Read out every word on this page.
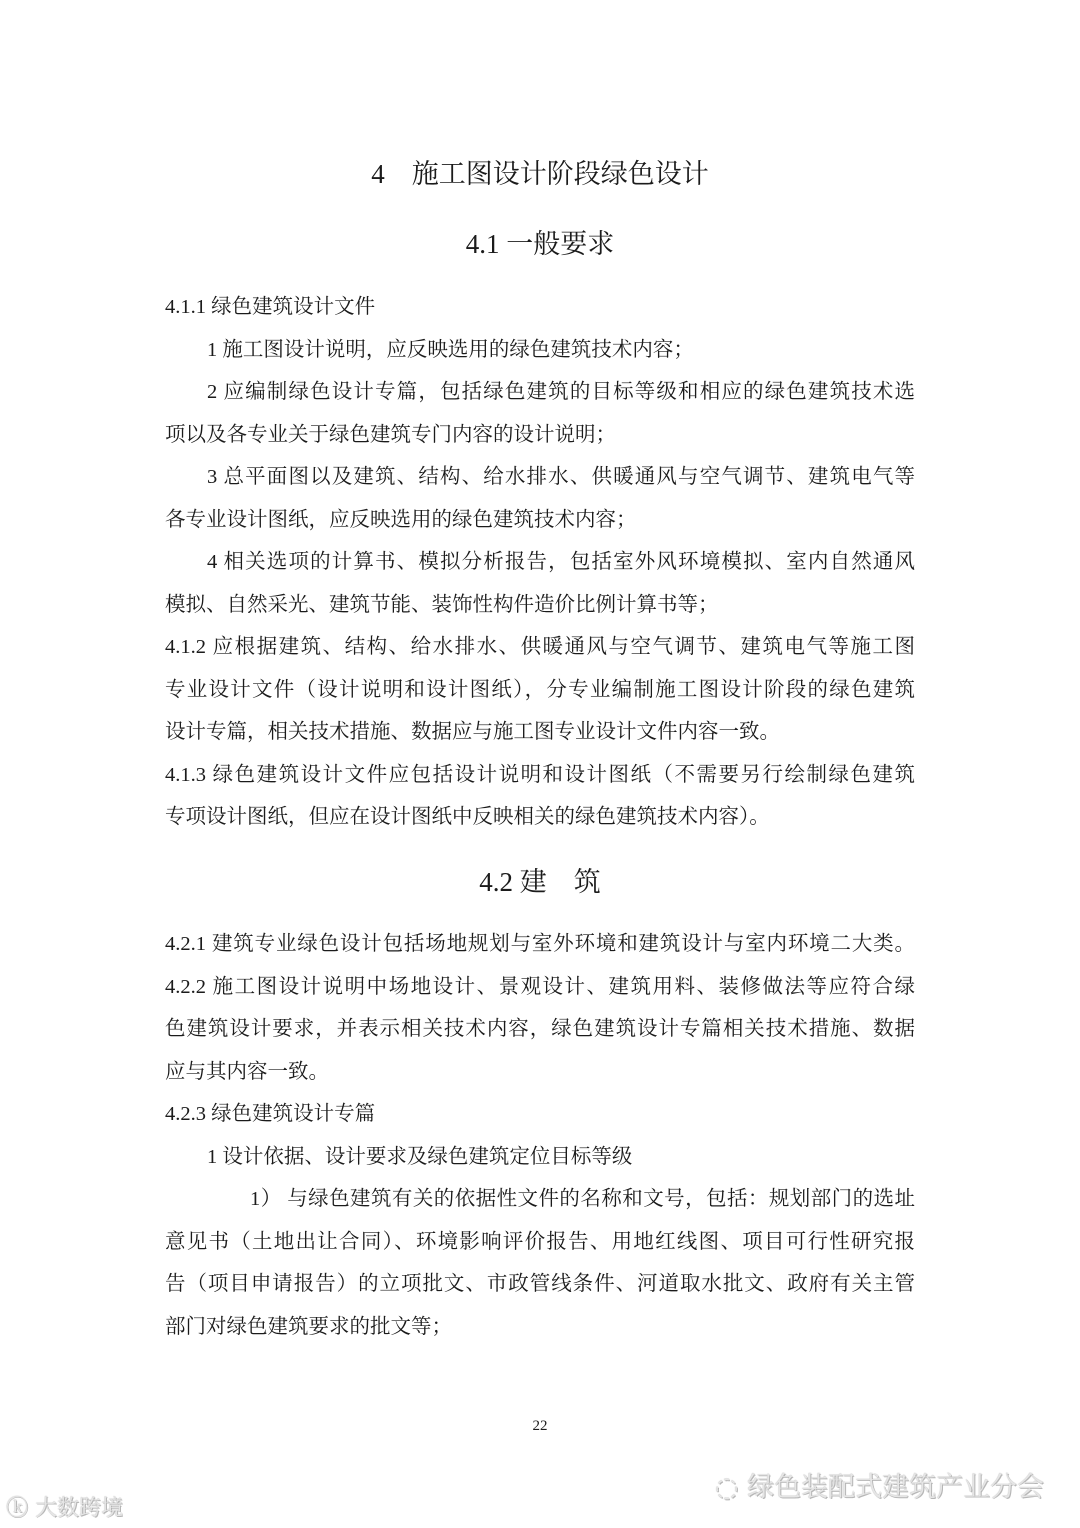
4　施工图设计阶段绿色设计
4.1 一般要求
4.1.1 绿色建筑设计文件
1 施工图设计说明，应反映选用的绿色建筑技术内容；
2 应编制绿色设计专篇，包括绿色建筑的目标等级和相应的绿色建筑技术选
项以及各专业关于绿色建筑专门内容的设计说明；
3 总平面图以及建筑、结构、给水排水、供暖通风与空气调节、建筑电气等
各专业设计图纸，应反映选用的绿色建筑技术内容；
4 相关选项的计算书、模拟分析报告，包括室外风环境模拟、室内自然通风
模拟、自然采光、建筑节能、装饰性构件造价比例计算书等；
4.1.2 应根据建筑、结构、给水排水、供暖通风与空气调节、建筑电气等施工图
专业设计文件（设计说明和设计图纸），分专业编制施工图设计阶段的绿色建筑
设计专篇，相关技术措施、数据应与施工图专业设计文件内容一致。
4.1.3 绿色建筑设计文件应包括设计说明和设计图纸（不需要另行绘制绿色建筑
专项设计图纸，但应在设计图纸中反映相关的绿色建筑技术内容）。
4.2 建　筑
4.2.1 建筑专业绿色设计包括场地规划与室外环境和建筑设计与室内环境二大类。
4.2.2 施工图设计说明中场地设计、景观设计、建筑用料、装修做法等应符合绿
色建筑设计要求，并表示相关技术内容，绿色建筑设计专篇相关技术措施、数据
应与其内容一致。
4.2.3 绿色建筑设计专篇
1 设计依据、设计要求及绿色建筑定位目标等级
1） 与绿色建筑有关的依据性文件的名称和文号，包括：规划部门的选址
意见书（土地出让合同）、环境影响评价报告、用地红线图、项目可行性研究报
告（项目申请报告）的立项批文、市政管线条件、河道取水批文、政府有关主管
部门对绿色建筑要求的批文等；
22
◌ 绿色装配式建筑产业分会
ⓚ 大数跨境
